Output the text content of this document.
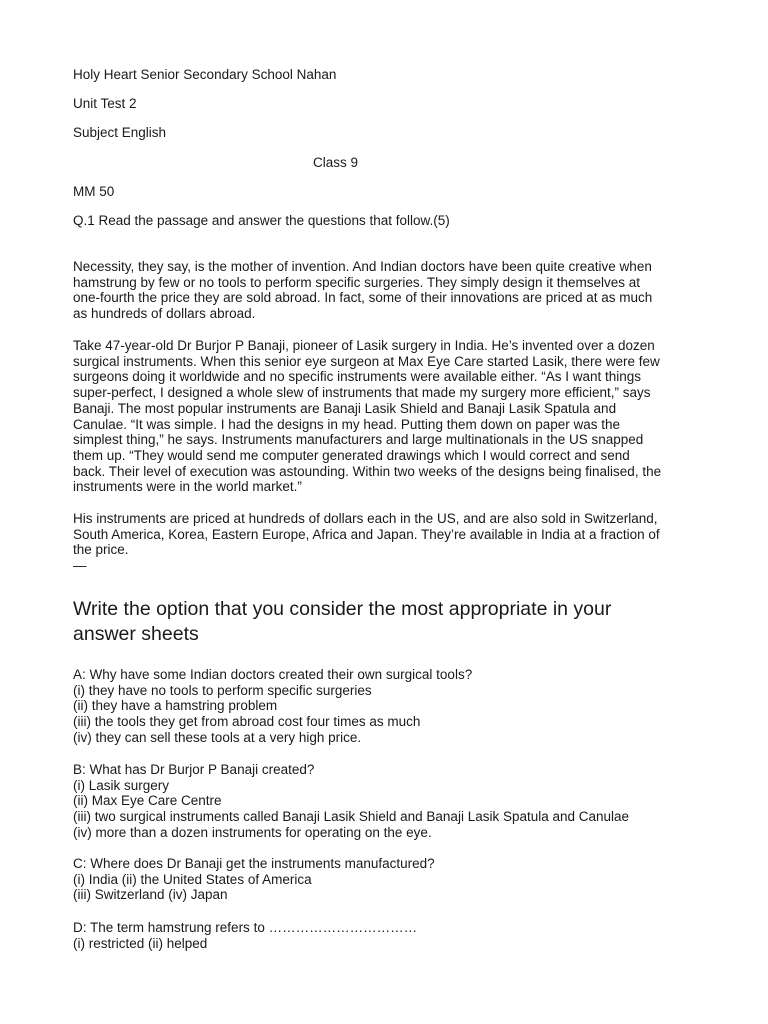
Holy Heart Senior Secondary School Nahan
Unit Test 2
Subject English
Class 9
MM 50
Q.1 Read the passage and answer the questions that follow.(5)
Necessity, they say, is the mother of invention. And Indian doctors have been quite creative when
hamstrung by few or no tools to perform specific surgeries. They simply design it themselves at
one-fourth the price they are sold abroad. In fact, some of their innovations are priced at as much
as hundreds of dollars abroad.
Take 47-year-old Dr Burjor P Banaji, pioneer of Lasik surgery in India. He’s invented over a dozen
surgical instruments. When this senior eye surgeon at Max Eye Care started Lasik, there were few
surgeons doing it worldwide and no specific instruments were available either. “As I want things
super-perfect, I designed a whole slew of instruments that made my surgery more efficient,” says
Banaji. The most popular instruments are Banaji Lasik Shield and Banaji Lasik Spatula and
Canulae. “It was simple. I had the designs in my head. Putting them down on paper was the
simplest thing,” he says. Instruments manufacturers and large multinationals in the US snapped
them up. “They would send me computer generated drawings which I would correct and send
back. Their level of execution was astounding. Within two weeks of the designs being finalised, the
instruments were in the world market.”
His instruments are priced at hundreds of dollars each in the US, and are also sold in Switzerland,
South America, Korea, Eastern Europe, Africa and Japan. They’re available in India at a fraction of
the price.
—
Write the option that you consider the most appropriate in your
answer sheets
A: Why have some Indian doctors created their own surgical tools?
(i) they have no tools to perform specific surgeries
(ii) they have a hamstring problem
(iii) the tools they get from abroad cost four times as much
(iv) they can sell these tools at a very high price.
B: What has Dr Burjor P Banaji created?
(i) Lasik surgery
(ii) Max Eye Care Centre
(iii) two surgical instruments called Banaji Lasik Shield and Banaji Lasik Spatula and Canulae
(iv) more than a dozen instruments for operating on the eye.
C: Where does Dr Banaji get the instruments manufactured?
(i) India (ii) the United States of America
(iii) Switzerland (iv) Japan
D: The term hamstrung refers to ……………………………
(i) restricted (ii) helped
